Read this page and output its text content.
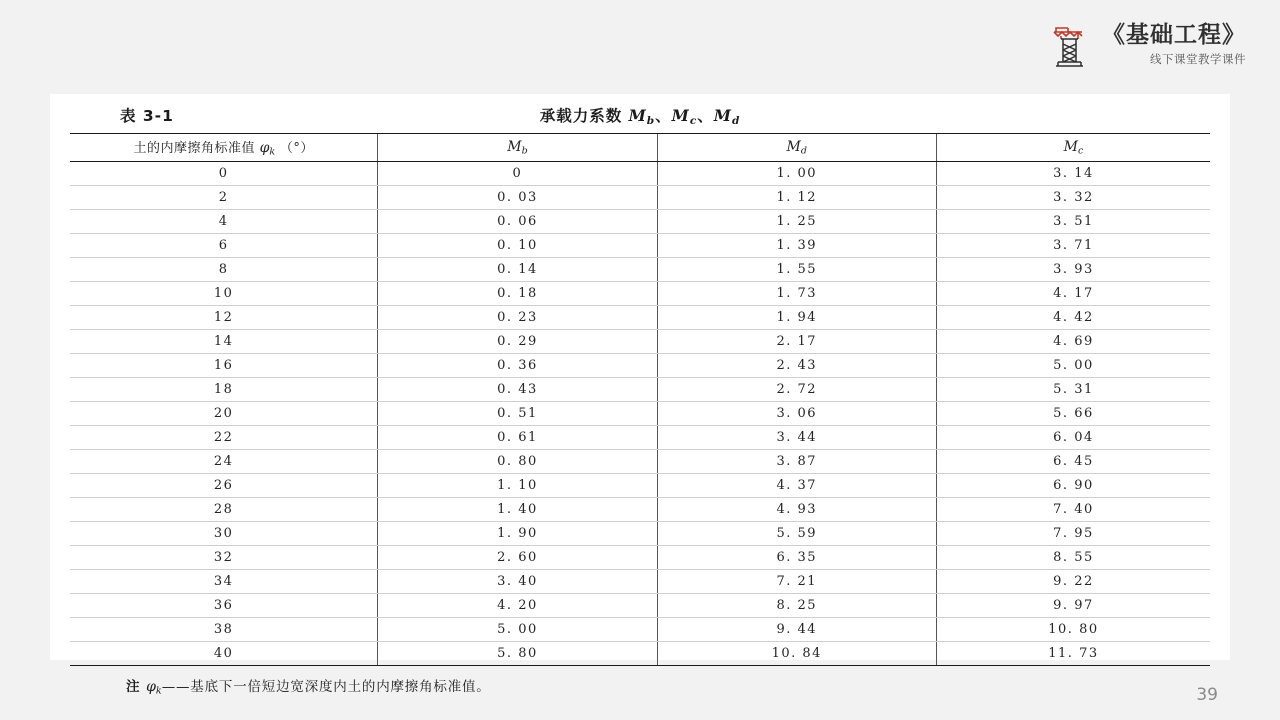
《基础工程》
线下课堂教学课件
表 3-1	承载力系数 $M_b$、$M_c$、$M_d$
土的内摩擦角标准值 $\varphi_k$ （°）	$M_b$	$M_d$	$M_c$
0	0	1. 00	3. 14
2	0. 03	1. 12	3. 32
4	0. 06	1. 25	3. 51
6	0. 10	1. 39	3. 71
8	0. 14	1. 55	3. 93
10	0. 18	1. 73	4. 17
12	0. 23	1. 94	4. 42
14	0. 29	2. 17	4. 69
16	0. 36	2. 43	5. 00
18	0. 43	2. 72	5. 31
20	0. 51	3. 06	5. 66
22	0. 61	3. 44	6. 04
24	0. 80	3. 87	6. 45
26	1. 10	4. 37	6. 90
28	1. 40	4. 93	7. 40
30	1. 90	5. 59	7. 95
32	2. 60	6. 35	8. 55
34	3. 40	7. 21	9. 22
36	4. 20	8. 25	9. 97
38	5. 00	9. 44	10. 80
40	5. 80	10. 84	11. 73
注 $\varphi_k——$基底下一倍短边宽深度内土的内摩擦角标准值。	39
